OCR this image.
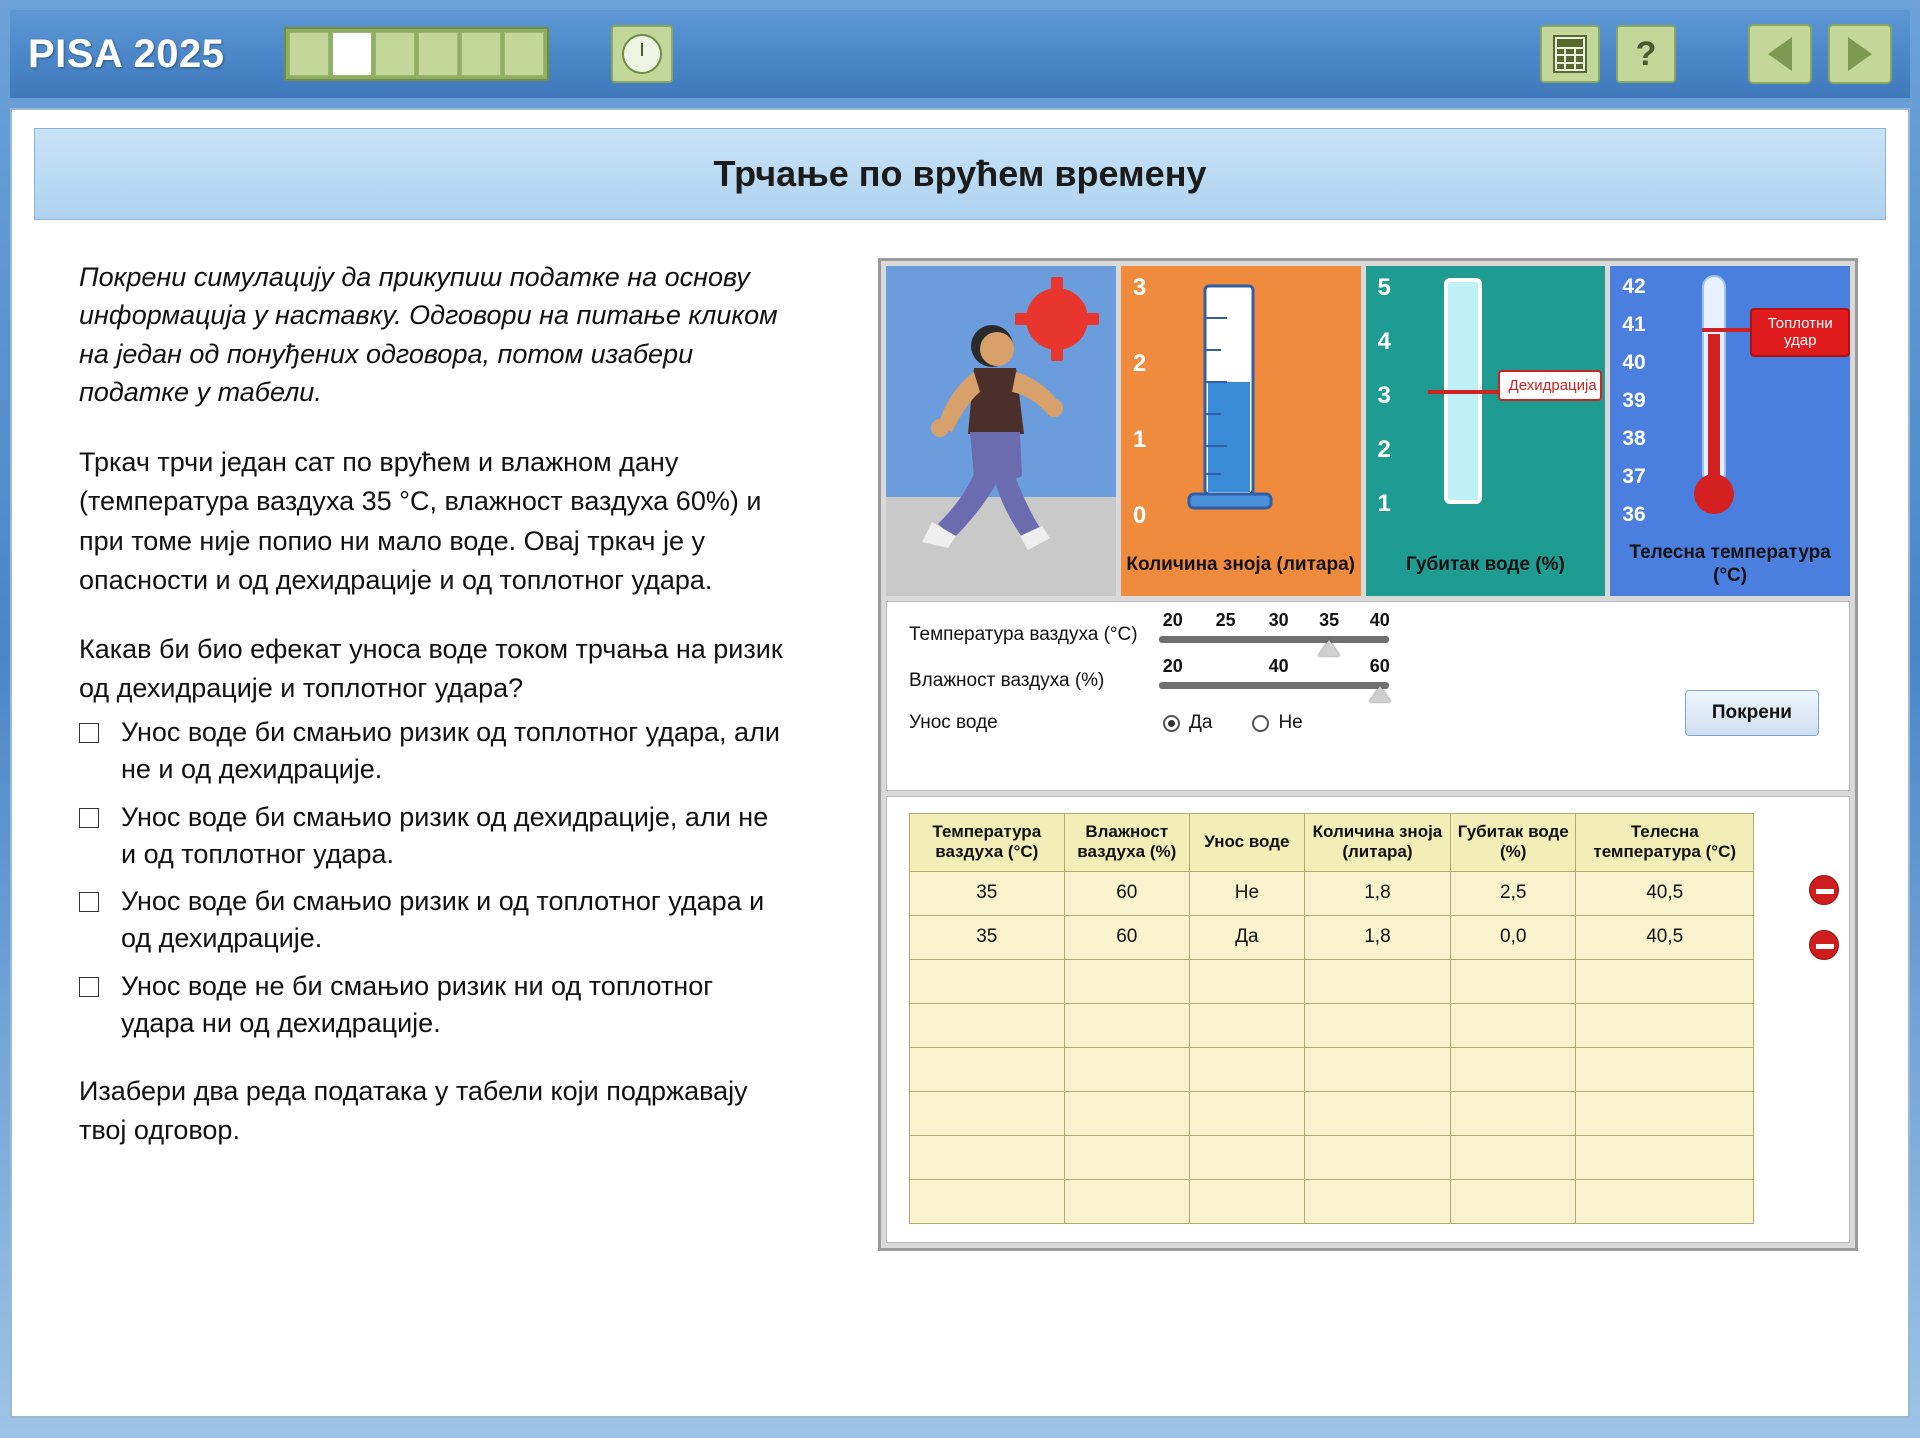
PISA 2025	?
Трчање по врућем времену

Покрени симулацију да прикупиш податке на основу информација у наставку. Одговори на питање кликом на један од понуђених одговора, потом изабери податке у табели.

Тркач трчи један сат по врућем и влажном дану (температура ваздуха 35 °C, влажност ваздуха 60%) и при томе није попио ни мало воде. Овај тркач је у опасности и од дехидрације и од топлотног удара.

Какав би био ефекат уноса воде током трчања на ризик од дехидрације и топлотног удара?

Унос воде би смањио ризик од топлотног удара, али не и од дехидрације.
Унос воде би смањио ризик од дехидрације, али не и од топлотног удара.
Унос воде би смањио ризик и од топлотног удара и од дехидрације.
Унос воде не би смањио ризик ни од топлотног удара ни од дехидрације.

Изабери два реда података у табели који подржавају твој одговор.

3
2
1
0
Количина зноја (литара)
5
4
3
2
1
Дехидрација
Губитак воде (%)
42
41
40
39
38
37
36
Топлотни удар
Телесна температура (°C)
Температура ваздуха (°C)
20 25 30 35 40
Влажност ваздуха (%)
20	40	60
Унос воде	Да	Не	Покрени
Температура ваздуха (°C)	Влажност ваздуха (%)	Унос воде	Количина зноја (литара)	Губитак воде (%)	Телесна температура (°C)
35	60	Не	1,8	2,5	40,5
35	60	Да	1,8	0,0	40,5
